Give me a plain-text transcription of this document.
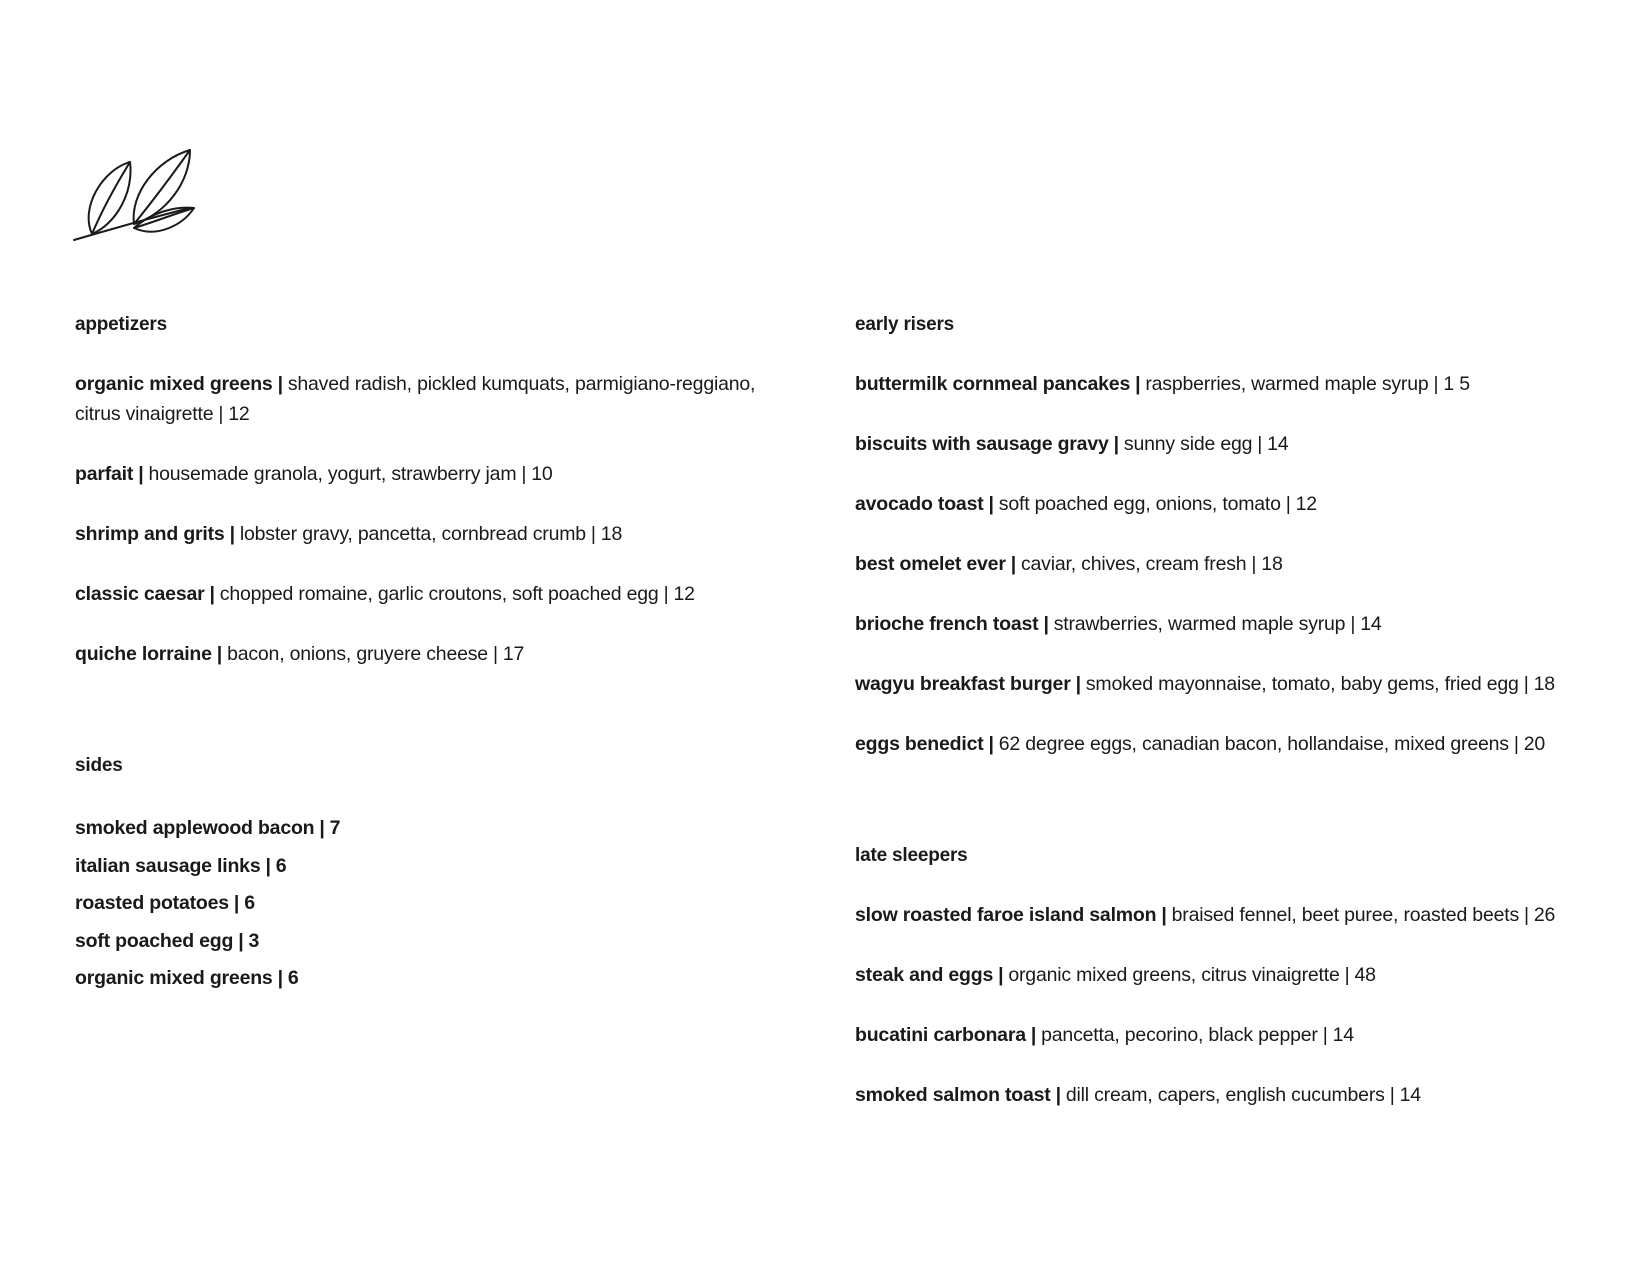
appetizers
organic mixed greens | shaved radish, pickled kumquats, parmigiano-reggiano, citrus vinaigrette | 12
parfait | housemade granola, yogurt, strawberry jam | 10
shrimp and grits | lobster gravy, pancetta, cornbread crumb | 18
classic caesar | chopped romaine, garlic croutons, soft poached egg | 12
quiche lorraine | bacon, onions, gruyere cheese | 17
sides
smoked applewood bacon | 7
italian sausage links | 6
roasted potatoes | 6
soft poached egg | 3
organic mixed greens | 6
early risers
buttermilk cornmeal pancakes | raspberries, warmed maple syrup | 1 5
biscuits with sausage gravy | sunny side egg | 14
avocado toast | soft poached egg, onions, tomato | 12
best omelet ever | caviar, chives, cream fresh | 18
brioche french toast | strawberries, warmed maple syrup | 14
wagyu breakfast burger | smoked mayonnaise, tomato, baby gems, fried egg | 18
eggs benedict | 62 degree eggs, canadian bacon, hollandaise, mixed greens | 20
late sleepers
slow roasted faroe island salmon | braised fennel, beet puree, roasted beets | 26
steak and eggs | organic mixed greens, citrus vinaigrette | 48
bucatini carbonara | pancetta, pecorino, black pepper | 14
smoked salmon toast | dill cream, capers, english cucumbers | 14
